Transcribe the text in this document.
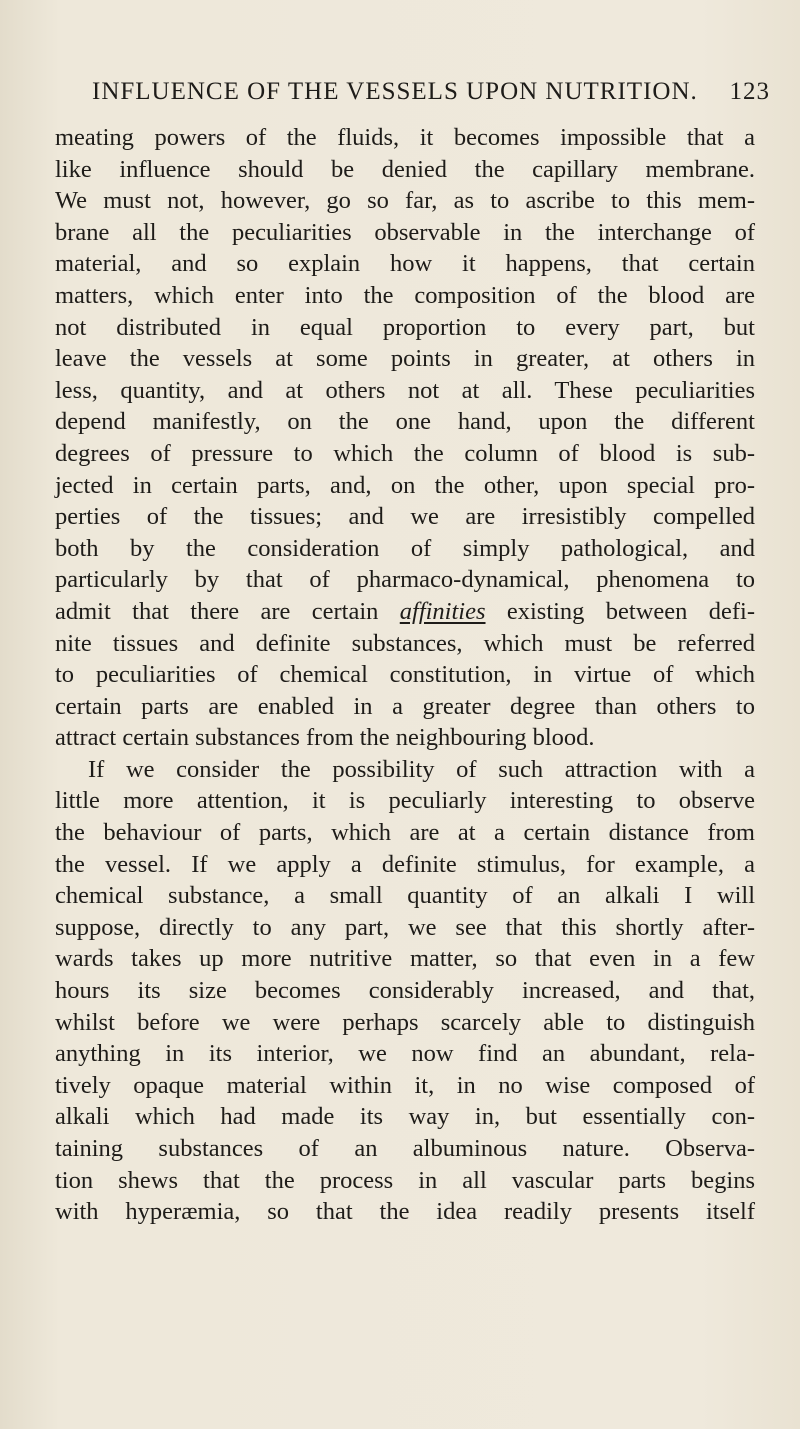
INFLUENCE OF THE VESSELS UPON NUTRITION. 123
meating powers of the fluids, it becomes impossible that a
like influence should be denied the capillary membrane.
We must not, however, go so far, as to ascribe to this mem-
brane all the peculiarities observable in the interchange of
material, and so explain how it happens, that certain
matters, which enter into the composition of the blood are
not distributed in equal proportion to every part, but
leave the vessels at some points in greater, at others in
less, quantity, and at others not at all. These peculiarities
depend manifestly, on the one hand, upon the different
degrees of pressure to which the column of blood is sub-
jected in certain parts, and, on the other, upon special pro-
perties of the tissues; and we are irresistibly compelled
both by the consideration of simply pathological, and
particularly by that of pharmaco-dynamical, phenomena to
admit that there are certain affinities existing between defi-
nite tissues and definite substances, which must be referred
to peculiarities of chemical constitution, in virtue of which
certain parts are enabled in a greater degree than others to
attract certain substances from the neighbouring blood.
If we consider the possibility of such attraction with a
little more attention, it is peculiarly interesting to observe
the behaviour of parts, which are at a certain distance from
the vessel. If we apply a definite stimulus, for example, a
chemical substance, a small quantity of an alkali I will
suppose, directly to any part, we see that this shortly after-
wards takes up more nutritive matter, so that even in a few
hours its size becomes considerably increased, and that,
whilst before we were perhaps scarcely able to distinguish
anything in its interior, we now find an abundant, rela-
tively opaque material within it, in no wise composed of
alkali which had made its way in, but essentially con-
taining substances of an albuminous nature. Observa-
tion shews that the process in all vascular parts begins
with hyperæmia, so that the idea readily presents itself
